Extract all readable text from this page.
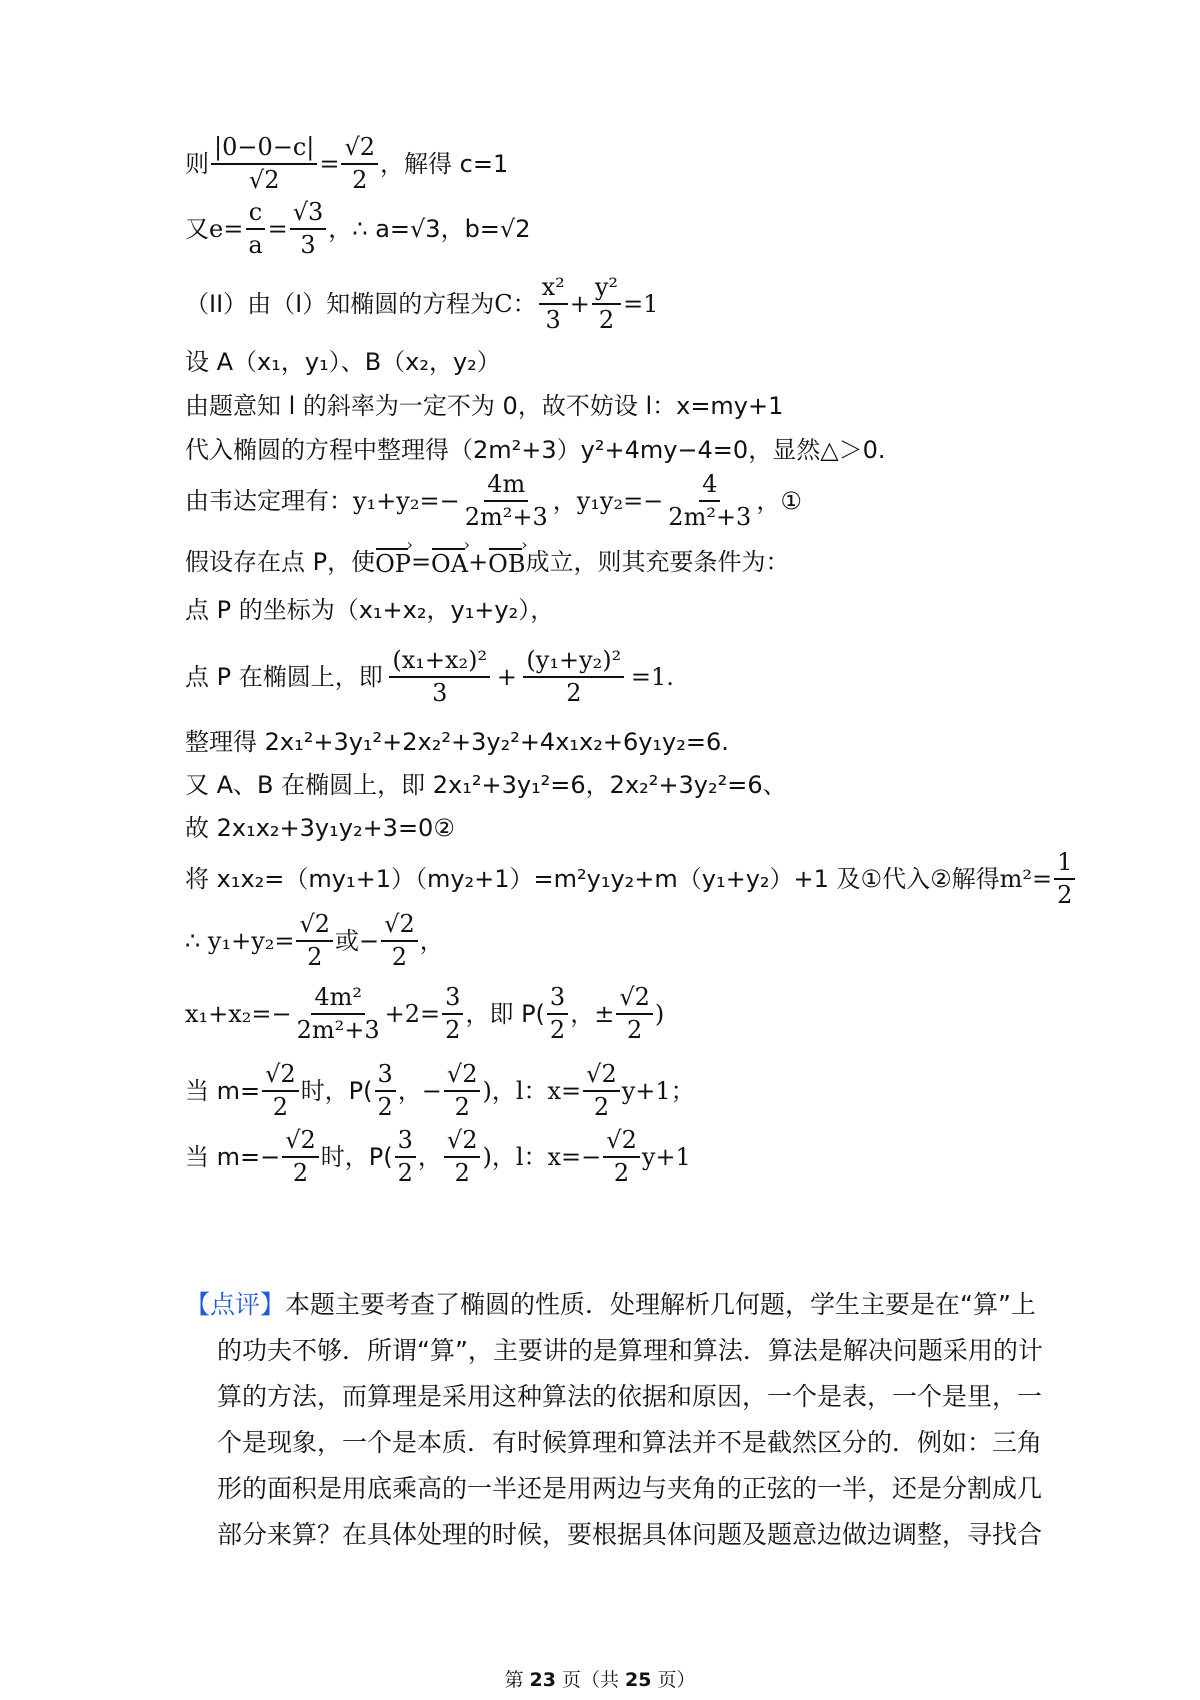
则 $\frac{|0-0-c|}{√2} = \frac{√2}{2}$ ，解得 c=1
又 $e= \frac{c}{a} = \frac{√3}{3}$ ，∴ a=√3，b=√2
（II）由（I）知椭圆的方程为 C： $\frac{\text{x²}}{3} + \frac{\text{y²}}{2} =1$
设 A（x₁，y₁）、B（x₂，y₂）
由题意知 l 的斜率为一定不为 0，故不妨设 l：x=my+1
代入椭圆的方程中整理得（2m²+3）y²+4my−4=0，显然△＞0.
由韦达定理有： $y_1+y_2=- \frac{4m}{\text{2m²+3}}$ ，$y_1y_2=- \frac{4}{\text{2m²+3}}$ ，①
假设存在点 P，使 OP › = OA › + OB › 成立，则其充要条件为：
点 P 的坐标为（x₁+x₂，y₁+y₂），
点 P 在椭圆上，即 $\frac{\text{(x₁+x₂)²}}{3} + \frac{\text{(y₁+y₂)²}}{2} =1$.
整理得 2x₁²+3y₁²+2x₂²+3y₂²+4x₁x₂+6y₁y₂=6.
又 A、B 在椭圆上，即 2x₁²+3y₁²=6，2x₂²+3y₂²=6、
故 2x₁x₂+3y₁y₂+3=0②
将 x₁x₂=（my₁+1）（my₂+1）=m²y₁y₂+m（y₁+y₂）+1 及①代入②解得 $m^2= \frac{1}{2}$
∴ $y_1+y_2= \frac{√2}{2}$ 或− $\frac{√2}{2}$ ，
$x_1+x_2=- \frac{\text{4m²}}{\text{2m²+3}} +2= \frac{3}{2}$ ，即 $P( \frac{3}{2}$ ，± $\frac{√2}{2}$ )
当 $m= \frac{√2}{2}$ 时，$P( \frac{3}{2}$ ，− $\frac{√2}{2}$ )，l：$x= \frac{√2}{2} y+1$；
当 $m=- \frac{√2}{2}$ 时，$P( \frac{3}{2}$ ， $\frac{√2}{2}$ )，l：$x=- \frac{√2}{2} y+1$
【点评】本题主要考查了椭圆的性质．处理解析几何题，学生主要是在“算”上
的功夫不够．所谓“算”，主要讲的是算理和算法．算法是解决问题采用的计算的方法，而算理是采用这种算法的依据和原因，一个是表，一个是里，一个是现象，一个是本质．有时候算理和算法并不是截然区分的．例如：三角形的面积是用底乘高的一半还是用两边与夹角的正弦的一半，还是分割成几部分来算？在具体处理的时候，要根据具体问题及题意边做边调整，寻找合
第 23 页（共 25 页）
